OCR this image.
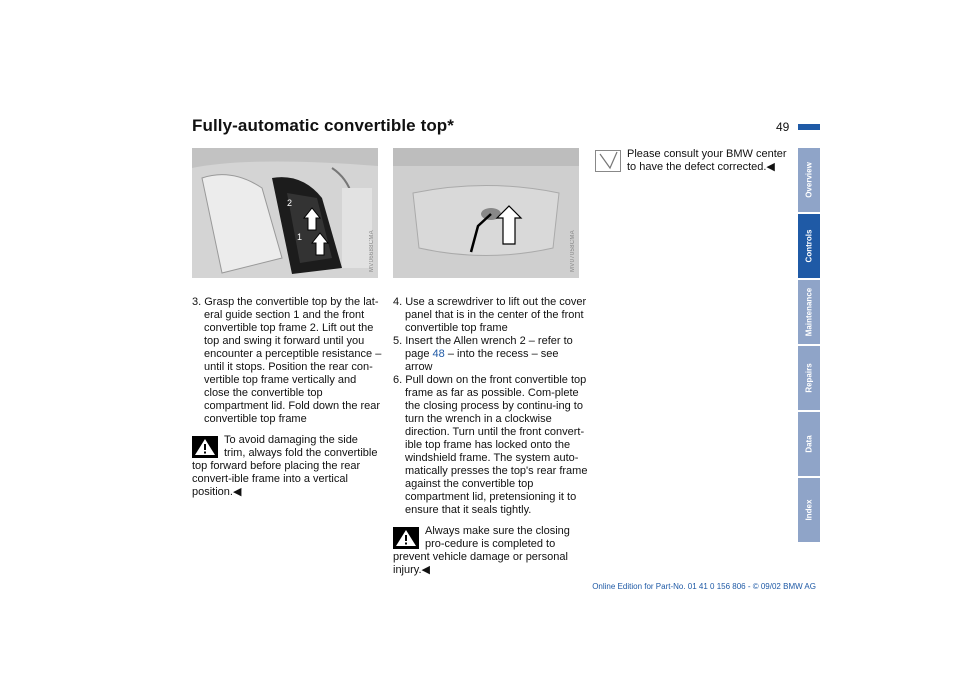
Fully-automatic convertible top*	49
2
1	MV06688CMA	MV07058CMA

3. Grasp the convertible top by the lat-eral guide section 1 and the front convertible top frame 2. Lift out the top and swing it forward until you encounter a perceptible resistance – until it stops. Position the rear con-vertible top frame vertically and close the convertible top compartment lid. Fold down the rear convertible top frame

To avoid damaging the side trim, always fold the convertible top forward before placing the rear convert-ible frame into a vertical position.◀

4. Use a screwdriver to lift out the cover panel that is in the center of the front convertible top frame

5. Insert the Allen wrench 2 – refer to page 48 – into the recess – see arrow

6. Pull down on the front convertible top frame as far as possible. Com-plete the closing process by continu-ing to turn the wrench in a clockwise direction. Turn until the front convert-ible top frame has locked onto the windshield frame. The system auto-matically presses the top's rear frame against the convertible top compartment lid, pretensioning it to ensure that it seals tightly.

Always make sure the closing pro-cedure is completed to prevent vehicle damage or personal injury.◀

Please consult your BMW center to have the defect corrected.◀	Overview
Controls
Maintenance
Repairs
Data
Index
Online Edition for Part-No. 01 41 0 156 806 - © 09/02 BMW AG
